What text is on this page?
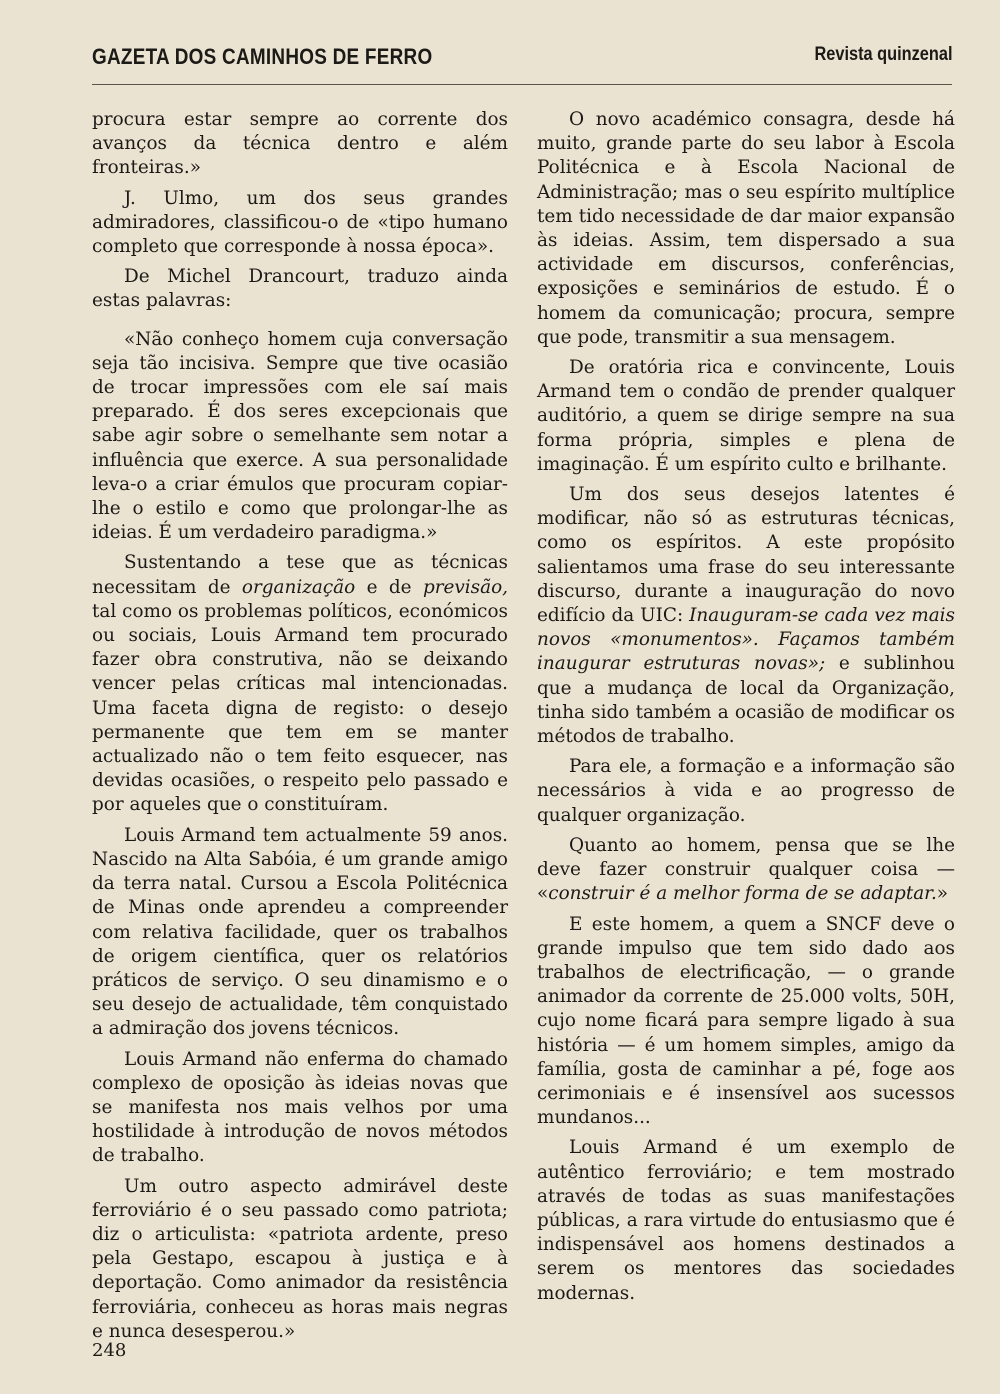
GAZETA DOS CAMINHOS DE FERRO	Revista quinzenal

procura estar sempre ao corrente dos avanços da técnica dentro e além fronteiras.»

J. Ulmo, um dos seus grandes admiradores, classificou-o de «tipo humano completo que corresponde à nossa época».

De Michel Drancourt, traduzo ainda estas palavras:

«Não conheço homem cuja conversação seja tão incisiva. Sempre que tive ocasião de trocar impressões com ele saí mais preparado. É dos seres excepcionais que sabe agir sobre o semelhante sem notar a influência que exerce. A sua personalidade leva-o a criar émulos que procuram copiar-lhe o estilo e como que prolongar-lhe as ideias. É um verdadeiro paradigma.»

Sustentando a tese que as técnicas necessitam de organização e de previsão, tal como os problemas políticos, económicos ou sociais, Louis Armand tem procurado fazer obra construtiva, não se deixando vencer pelas críticas mal intencionadas. Uma faceta digna de registo: o desejo permanente que tem em se manter actualizado não o tem feito esquecer, nas devidas ocasiões, o respeito pelo passado e por aqueles que o constituíram.

Louis Armand tem actualmente 59 anos. Nascido na Alta Sabóia, é um grande amigo da terra natal. Cursou a Escola Politécnica de Minas onde aprendeu a compreender com relativa facilidade, quer os trabalhos de origem científica, quer os relatórios práticos de serviço. O seu dinamismo e o seu desejo de actualidade, têm conquistado a admiração dos jovens técnicos.

Louis Armand não enferma do chamado complexo de oposição às ideias novas que se manifesta nos mais velhos por uma hostilidade à introdução de novos métodos de trabalho.

Um outro aspecto admirável deste ferroviário é o seu passado como patriota; diz o articulista: «patriota ardente, preso pela Gestapo, escapou à justiça e à deportação. Como animador da resistência ferroviária, conheceu as horas mais negras e nunca desesperou.»

O novo académico consagra, desde há muito, grande parte do seu labor à Escola Politécnica e à Escola Nacional de Administração; mas o seu espírito multíplice tem tido necessidade de dar maior expansão às ideias. Assim, tem dispersado a sua actividade em discursos, conferências, exposições e seminários de estudo. É o homem da comunicação; procura, sempre que pode, transmitir a sua mensagem.

De oratória rica e convincente, Louis Armand tem o condão de prender qualquer auditório, a quem se dirige sempre na sua forma própria, simples e plena de imaginação. É um espírito culto e brilhante.

Um dos seus desejos latentes é modificar, não só as estruturas técnicas, como os espíritos. A este propósito salientamos uma frase do seu interessante discurso, durante a inauguração do novo edifício da UIC: Inauguram-se cada vez mais novos «monumentos». Façamos também inaugurar estruturas novas»; e sublinhou que a mudança de local da Organização, tinha sido também a ocasião de modificar os métodos de trabalho.

Para ele, a formação e a informação são necessários à vida e ao progresso de qualquer organização.

Quanto ao homem, pensa que se lhe deve fazer construir qualquer coisa — «construir é a melhor forma de se adaptar.»

E este homem, a quem a SNCF deve o grande impulso que tem sido dado aos trabalhos de electrificação, — o grande animador da corrente de 25.000 volts, 50H, cujo nome ficará para sempre ligado à sua história — é um homem simples, amigo da família, gosta de caminhar a pé, foge aos cerimoniais e é insensível aos sucessos mundanos...

Louis Armand é um exemplo de autêntico ferroviário; e tem mostrado através de todas as suas manifestações públicas, a rara virtude do entusiasmo que é indispensável aos homens destinados a serem os mentores das sociedades modernas.

248
